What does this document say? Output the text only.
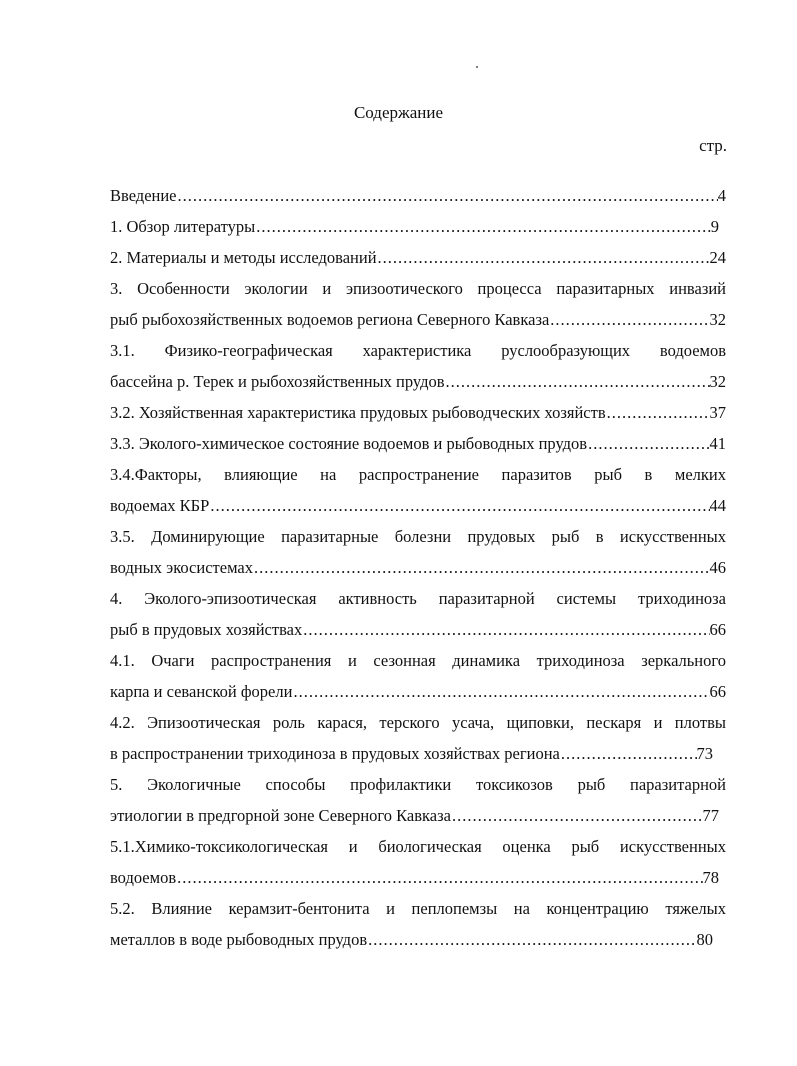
Содержание
стр.
Введение .....	4
1. Обзор литературы .....	9
2. Материалы и методы исследований .....	24
3. Особенности экологии и эпизоотического процесса паразитарных инвазий
рыб рыбохозяйственных водоемов региона Северного Кавказа .....	32
3.1. Физико-географическая характеристика руслообразующих водоемов
бассейна р. Терек и рыбохозяйственных прудов .....	32
3.2. Хозяйственная характеристика прудовых рыбоводческих хозяйств .....	37
3.3. Эколого-химическое состояние водоемов и рыбоводных прудов .....	41
3.4.Факторы, влияющие на распространение паразитов рыб в мелких
водоемах КБР .....	44
3.5. Доминирующие паразитарные болезни прудовых рыб в искусственных
водных экосистемах .....	46
4. Эколого-эпизоотическая активность паразитарной системы триходиноза
рыб в прудовых хозяйствах .....	66
4.1. Очаги распространения и сезонная динамика триходиноза зеркального
карпа и севанской форели .....	66
4.2. Эпизоотическая роль карася, терского усача, щиповки, пескаря и плотвы
в распространении триходиноза в прудовых хозяйствах региона .....	73
5. Экологичные способы профилактики токсикозов рыб паразитарной
этиологии в предгорной зоне Северного Кавказа .....	77
5.1.Химико-токсикологическая и биологическая оценка рыб искусственных
водоемов .....	78
5.2. Влияние керамзит-бентонита и пеплопемзы на концентрацию тяжелых
металлов в воде рыбоводных прудов .....	80
